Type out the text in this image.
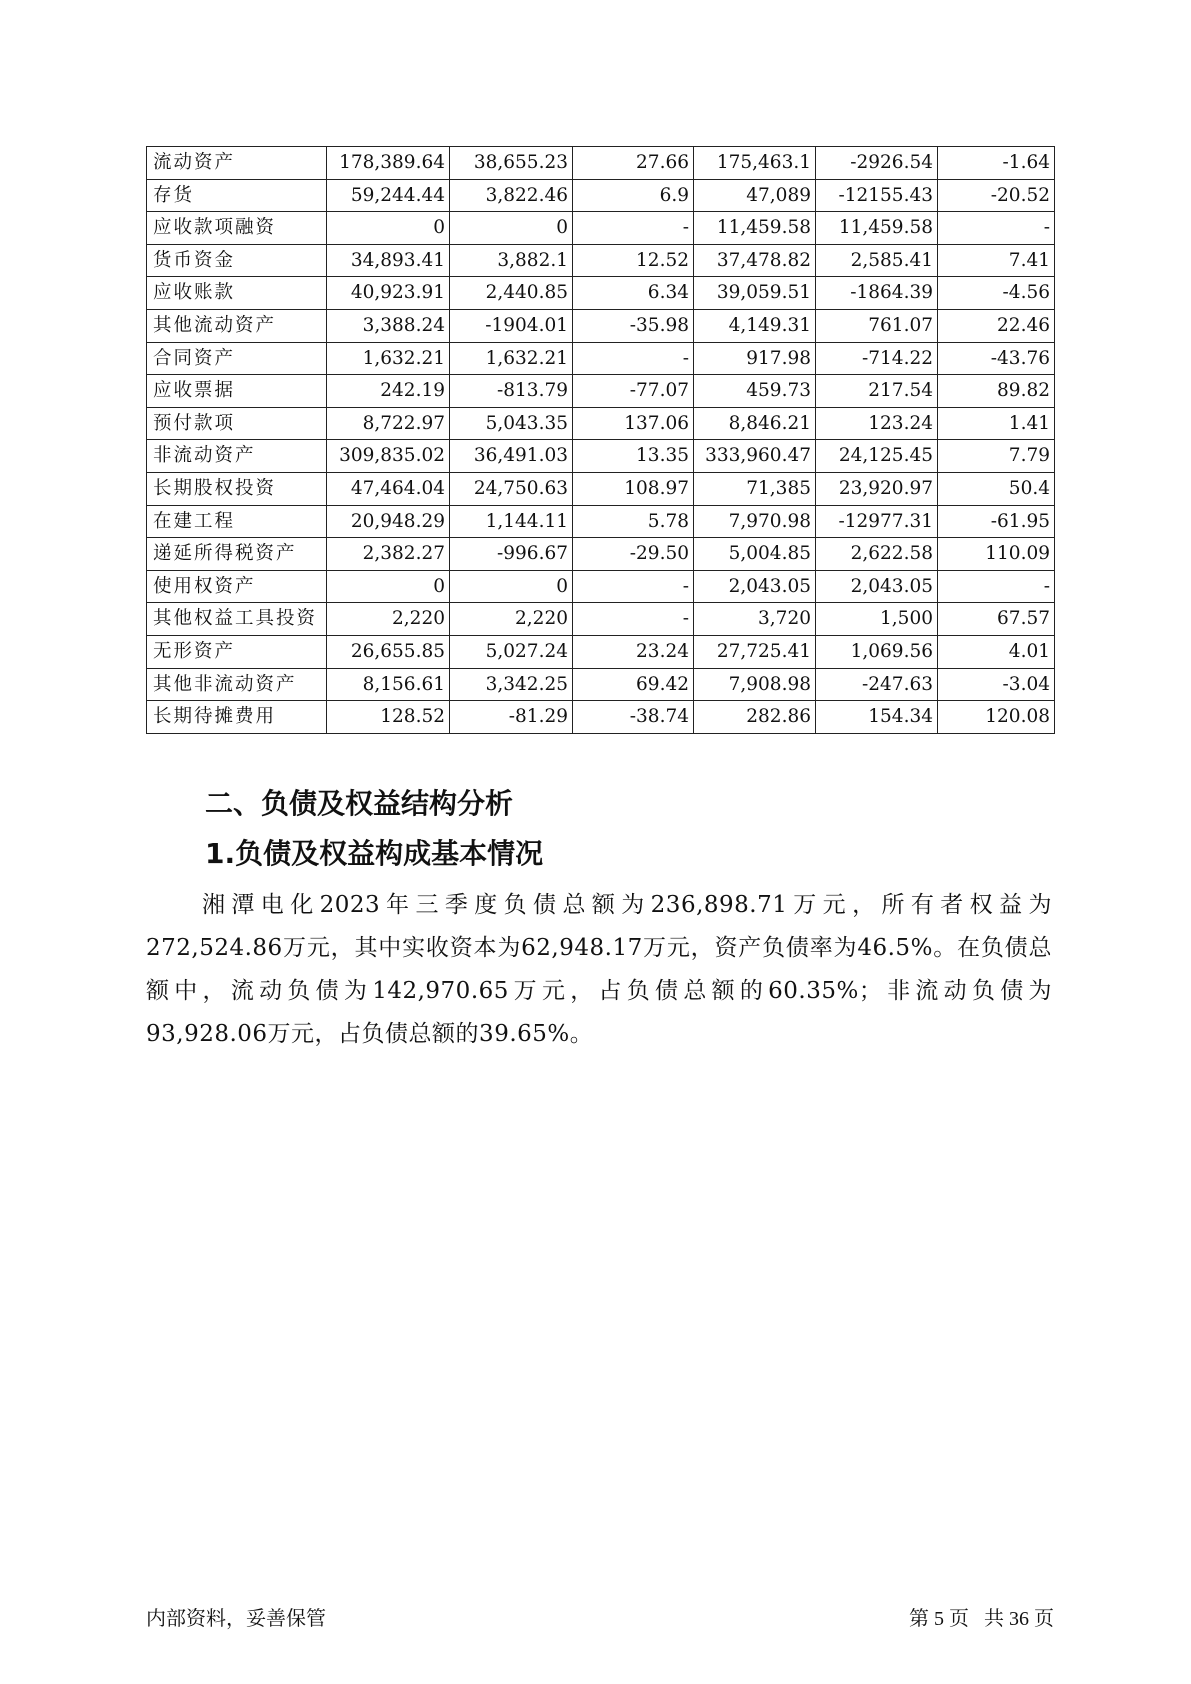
流动资产	178,389.64	38,655.23	27.66	175,463.1	-2926.54	-1.64
存货	59,244.44	3,822.46	6.9	47,089	-12155.43	-20.52
应收款项融资	0	0	-	11,459.58	11,459.58	-
货币资金	34,893.41	3,882.1	12.52	37,478.82	2,585.41	7.41
应收账款	40,923.91	2,440.85	6.34	39,059.51	-1864.39	-4.56
其他流动资产	3,388.24	-1904.01	-35.98	4,149.31	761.07	22.46
合同资产	1,632.21	1,632.21	-	917.98	-714.22	-43.76
应收票据	242.19	-813.79	-77.07	459.73	217.54	89.82
预付款项	8,722.97	5,043.35	137.06	8,846.21	123.24	1.41
非流动资产	309,835.02	36,491.03	13.35	333,960.47	24,125.45	7.79
长期股权投资	47,464.04	24,750.63	108.97	71,385	23,920.97	50.4
在建工程	20,948.29	1,144.11	5.78	7,970.98	-12977.31	-61.95
递延所得税资产	2,382.27	-996.67	-29.50	5,004.85	2,622.58	110.09
使用权资产	0	0	-	2,043.05	2,043.05	-
其他权益工具投资	2,220	2,220	-	3,720	1,500	67.57
无形资产	26,655.85	5,027.24	23.24	27,725.41	1,069.56	4.01
其他非流动资产	8,156.61	3,342.25	69.42	7,908.98	-247.63	-3.04
长期待摊费用	128.52	-81.29	-38.74	282.86	154.34	120.08
二、负债及权益结构分析
1.负债及权益构成基本情况

湘潭电化2023年三季度负债总额为236,898.71万元，所有者权益为272,524.86万元，其中实收资本为62,948.17万元，资产负债率为46.5%。在负债总额中，流动负债为142,970.65万元，占负债总额的60.35%；非流动负债为93,928.06万元，占负债总额的39.65%。

内部资料，妥善保管	第 5 页   共 36 页
